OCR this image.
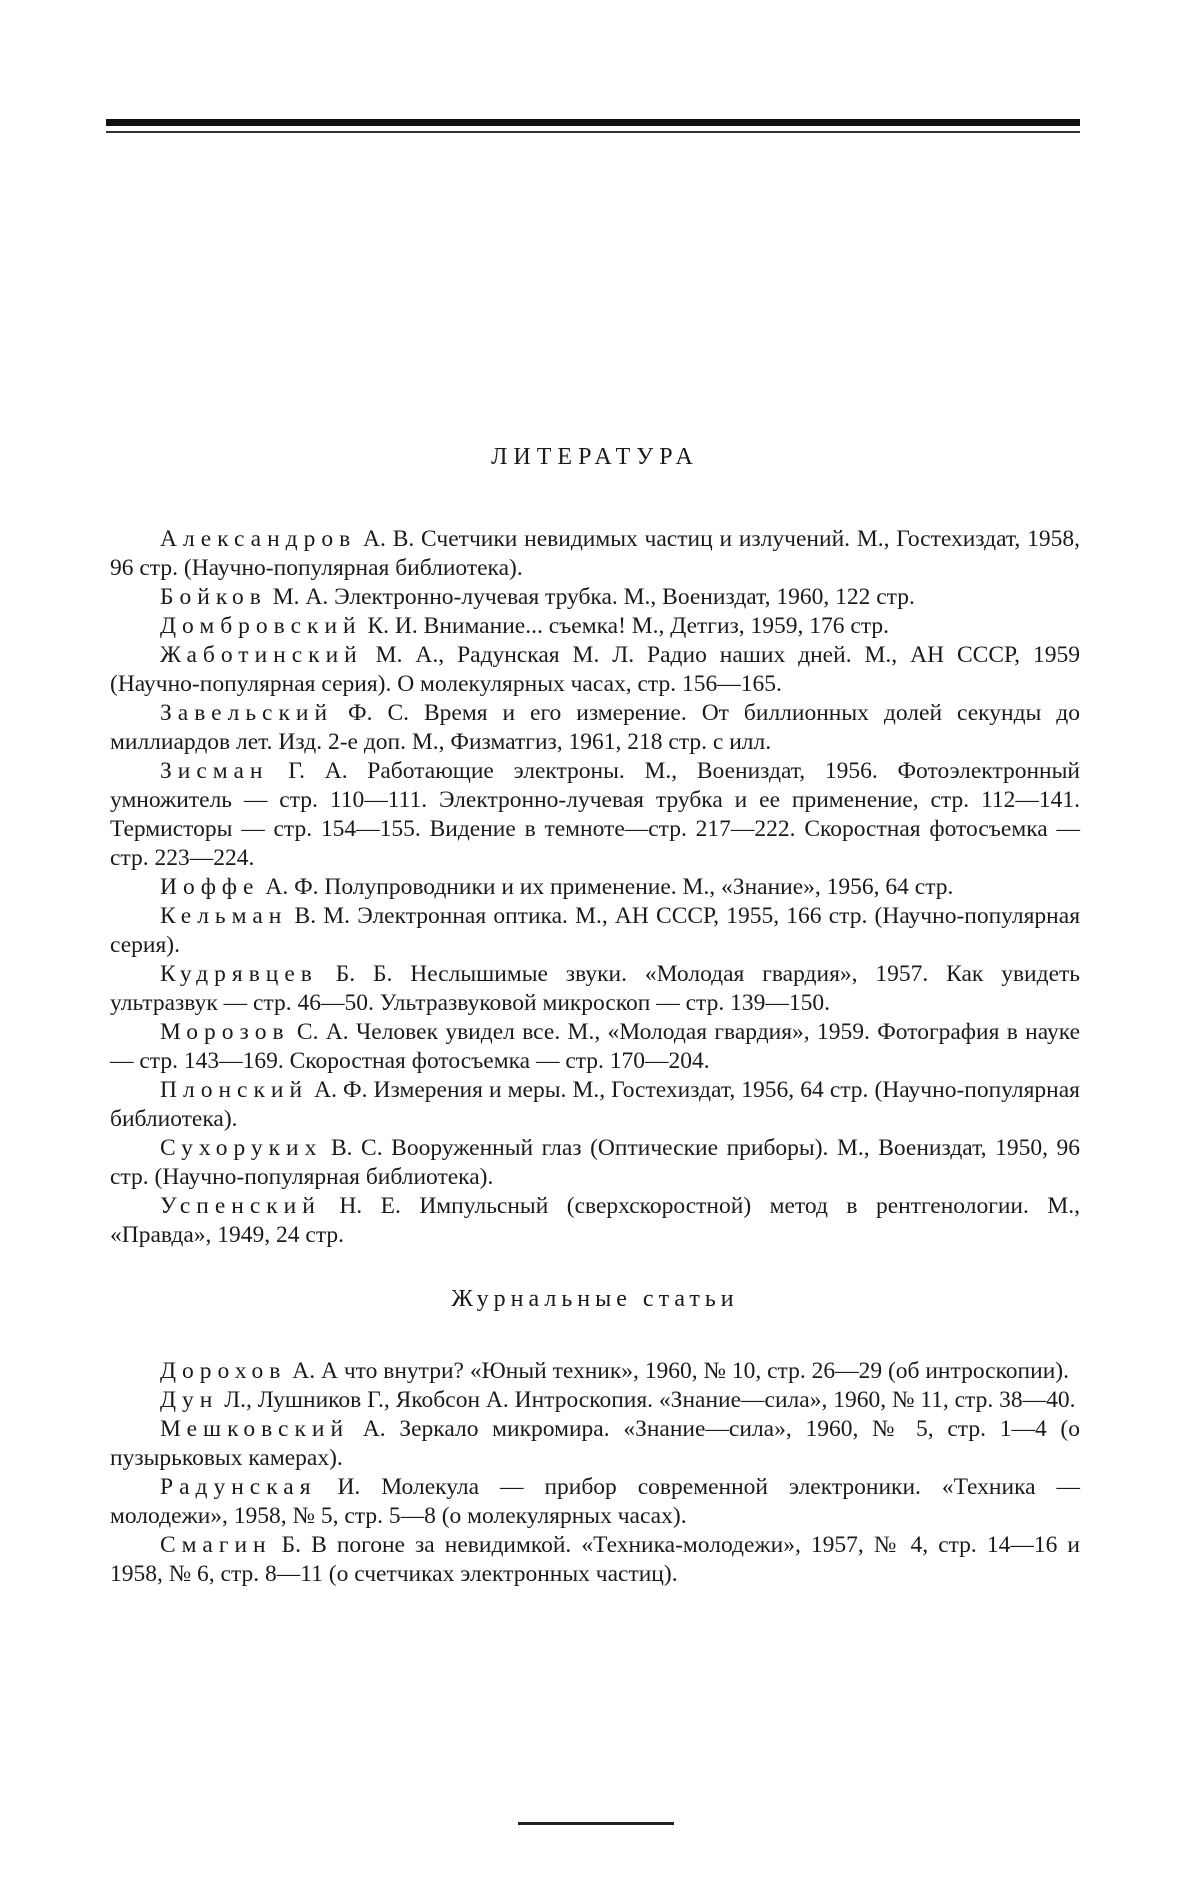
ЛИТЕРАТУРА
Александров А. В. Счетчики невидимых частиц и излучений. М., Гостехиздат, 1958, 96 стр. (Научно-популярная библиотека).
Бойков М. А. Электронно-лучевая трубка. М., Воениздат, 1960, 122 стр.
Домбровский К. И. Внимание... съемка! М., Детгиз, 1959, 176 стр.
Жаботинский М. А., Радунская М. Л. Радио наших дней. М., АН СССР, 1959 (Научно-популярная серия). О молекулярных часах, стр. 156—165.
Завельский Ф. С. Время и его измерение. От биллионных долей секунды до миллиардов лет. Изд. 2-е доп. М., Физматгиз, 1961, 218 стр. с илл.
Зисман Г. А. Работающие электроны. М., Воениздат, 1956. Фотоэлектронный умножитель — стр. 110—111. Электронно-лучевая трубка и ее применение, стр. 112—141. Термисторы — стр. 154—155. Видение в темноте—стр. 217—222. Скоростная фотосъемка — стр. 223—224.
Иоффе А. Ф. Полупроводники и их применение. М., «Знание», 1956, 64 стр.
Кельман В. М. Электронная оптика. М., АН СССР, 1955, 166 стр. (Научно-популярная серия).
Кудрявцев Б. Б. Неслышимые звуки. «Молодая гвардия», 1957. Как увидеть ультразвук — стр. 46—50. Ультразвуковой микроскоп — стр. 139—150.
Морозов С. А. Человек увидел все. М., «Молодая гвардия», 1959. Фотография в науке — стр. 143—169. Скоростная фотосъемка — стр. 170—204.
Плонский А. Ф. Измерения и меры. М., Гостехиздат, 1956, 64 стр. (Научно-популярная библиотека).
Сухоруких В. С. Вооруженный глаз (Оптические приборы). М., Воениздат, 1950, 96 стр. (Научно-популярная библиотека).
Успенский Н. Е. Импульсный (сверхскоростной) метод в рентгенологии. М., «Правда», 1949, 24 стр.
Журнальные статьи
Дорохов А. А что внутри? «Юный техник», 1960, № 10, стр. 26—29 (об интроскопии).
Дун Л., Лушников Г., Якобсон А. Интроскопия. «Знание—сила», 1960, № 11, стр. 38—40.
Мешковский А. Зеркало микромира. «Знание—сила», 1960, № 5, стр. 1—4 (о пузырьковых камерах).
Радунская И. Молекула — прибор современной электроники. «Техника — молодежи», 1958, № 5, стр. 5—8 (о молекулярных часах).
Смагин Б. В погоне за невидимкой. «Техника-молодежи», 1957, № 4, стр. 14—16 и 1958, № 6, стр. 8—11 (о счетчиках электронных частиц).
